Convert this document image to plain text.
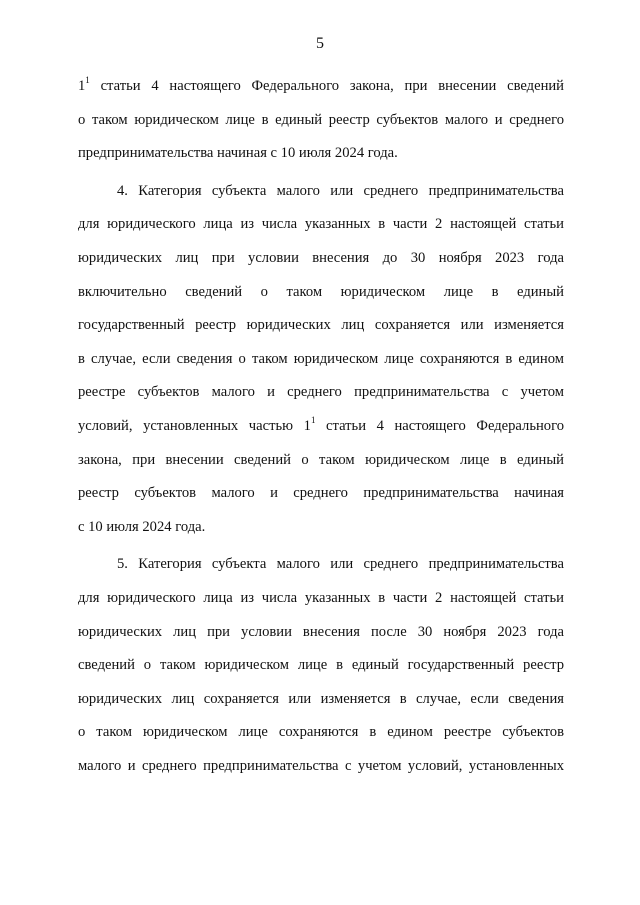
5
$1^1$ статьи 4 настоящего Федерального закона, при внесении сведений
о таком юридическом лице в единый реестр субъектов малого и среднего
предпринимательства начиная с 10 июля 2024 года.
4. Категория субъекта малого или среднего предпринимательства
для юридического лица из числа указанных в части 2 настоящей статьи
юридических лиц при условии внесения до 30 ноября 2023 года
включительно сведений о таком юридическом лице в единый
государственный реестр юридических лиц сохраняется или изменяется
в случае, если сведения о таком юридическом лице сохраняются в едином
реестре субъектов малого и среднего предпринимательства с учетом
условий, установленных частью $1^1$ статьи 4 настоящего Федерального
закона, при внесении сведений о таком юридическом лице в единый
реестр субъектов малого и среднего предпринимательства начиная
с 10 июля 2024 года.
5. Категория субъекта малого или среднего предпринимательства
для юридического лица из числа указанных в части 2 настоящей статьи
юридических лиц при условии внесения после 30 ноября 2023 года
сведений о таком юридическом лице в единый государственный реестр
юридических лиц сохраняется или изменяется в случае, если сведения
о таком юридическом лице сохраняются в едином реестре субъектов
малого и среднего предпринимательства с учетом условий, установленных
